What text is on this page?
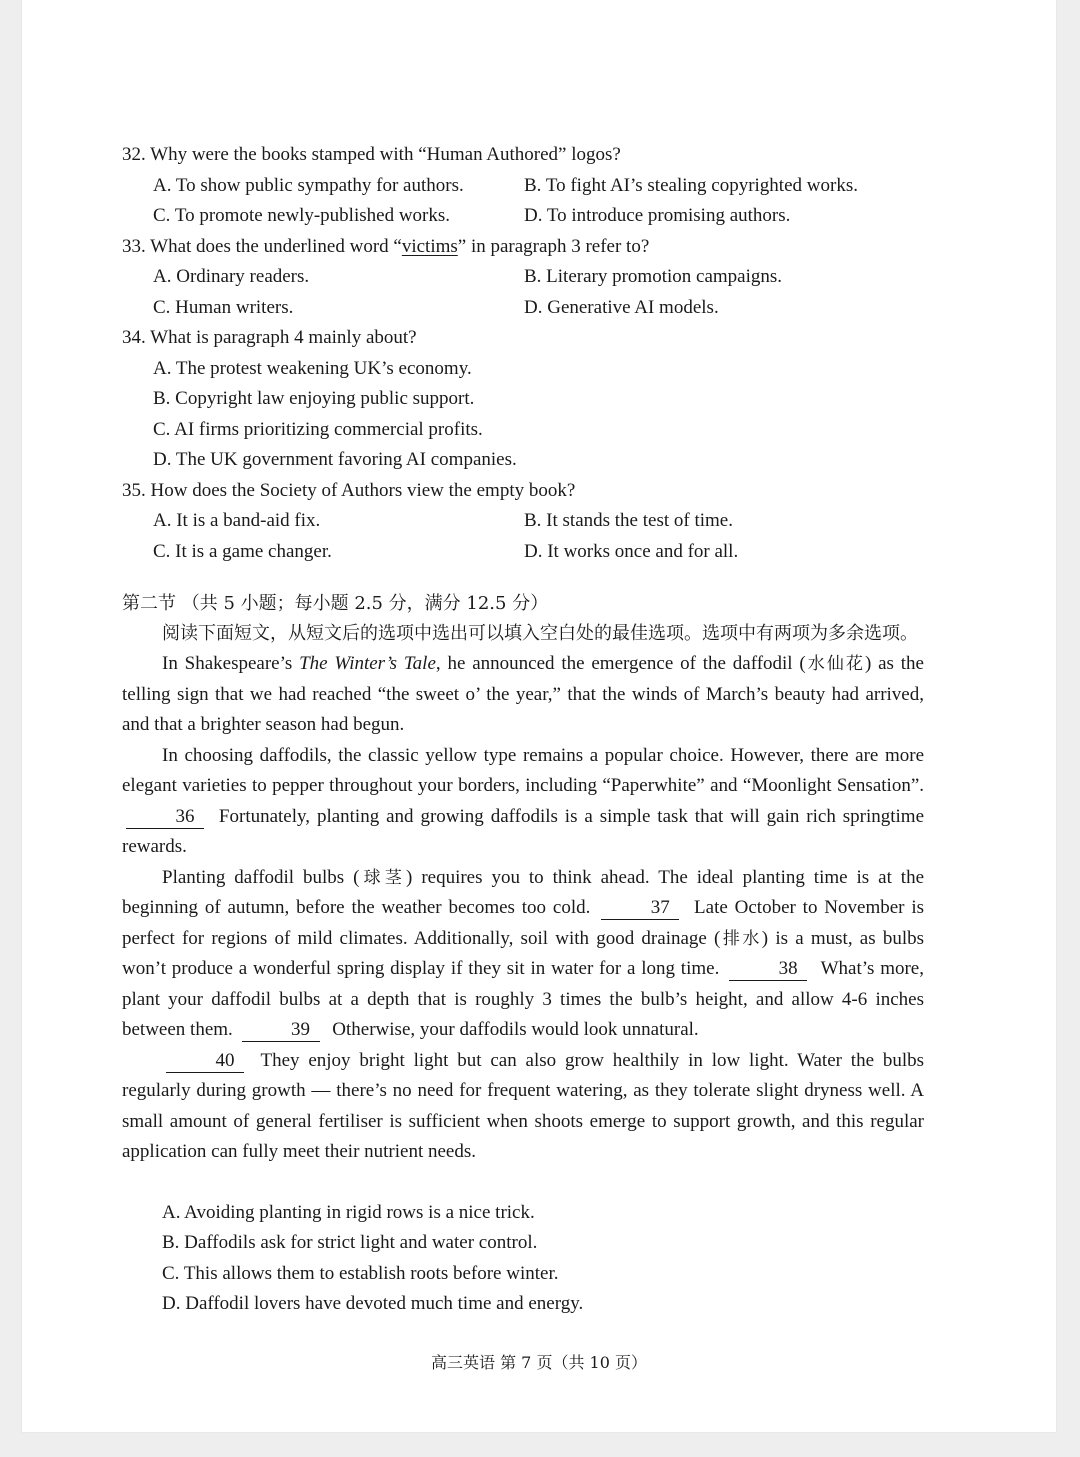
32. Why were the books stamped with “Human Authored” logos?
A. To show public sympathy for authors.	B. To fight AI’s stealing copyrighted works.
C. To promote newly-published works.	D. To introduce promising authors.
33. What does the underlined word “victims” in paragraph 3 refer to?
A. Ordinary readers.	B. Literary promotion campaigns.
C. Human writers.	D. Generative AI models.
34. What is paragraph 4 mainly about?
A. The protest weakening UK’s economy.
B. Copyright law enjoying public support.
C. AI firms prioritizing commercial profits.
D. The UK government favoring AI companies.
35. How does the Society of Authors view the empty book?
A. It is a band-aid fix.	B. It stands the test of time.
C. It is a game changer.	D. It works once and for all.
第二节 （共 5 小题；每小题 2.5 分，满分 12.5 分）
阅读下面短文，从短文后的选项中选出可以填入空白处的最佳选项。选项中有两项为多余选项。
In Shakespeare’s The Winter’s Tale, he announced the emergence of the daffodil (水仙花) as the telling sign that we had reached “the sweet o’ the year,” that the winds of March’s beauty had arrived, and that a brighter season had begun.
In choosing daffodils, the classic yellow type remains a popular choice. However, there are more elegant varieties to pepper throughout your borders, including “Paperwhite” and “Moonlight Sensation”. 36 Fortunately, planting and growing daffodils is a simple task that will gain rich springtime rewards.
Planting daffodil bulbs (球茎) requires you to think ahead. The ideal planting time is at the beginning of autumn, before the weather becomes too cold.	37 Late October to November is perfect for regions of mild climates. Additionally, soil with good drainage (排水) is a must, as bulbs won’t produce a wonderful spring display if they sit in water for a long time.	38 What’s more, plant your daffodil bulbs at a depth that is roughly 3 times the bulb’s height, and allow 4-6 inches between them.	39 Otherwise, your daffodils would look unnatural.
40 They enjoy bright light but can also grow healthily in low light. Water the bulbs regularly during growth — there’s no need for frequent watering, as they tolerate slight dryness well. A small amount of general fertiliser is sufficient when shoots emerge to support growth, and this regular application can fully meet their nutrient needs.
A. Avoiding planting in rigid rows is a nice trick.
B. Daffodils ask for strict light and water control.
C. This allows them to establish roots before winter.
D. Daffodil lovers have devoted much time and energy.
高三英语 第 7 页（共 10 页）
